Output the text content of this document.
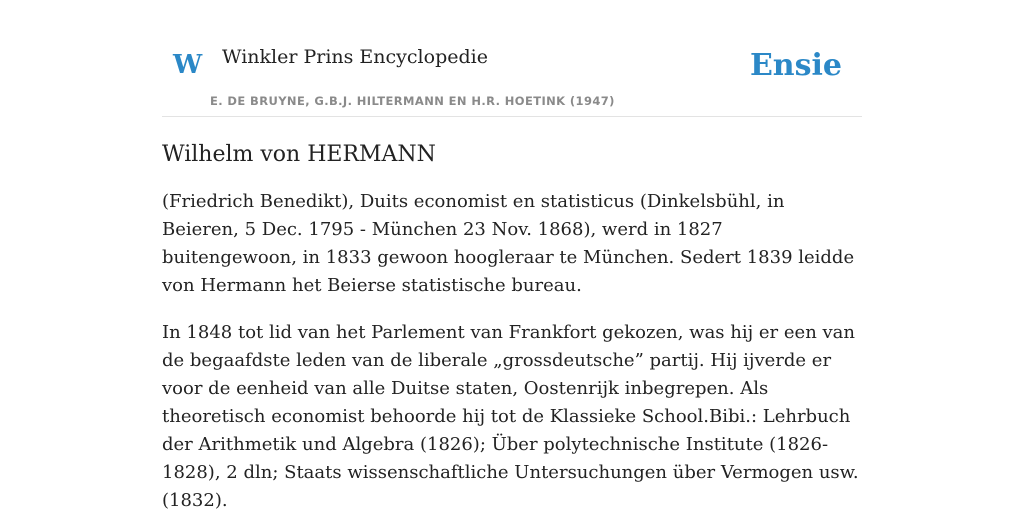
W Winkler Prins Encyclopedie
E. DE BRUYNE, G.B.J. HILTERMANN EN H.R. HOETINK (1947)
Ensie
Wilhelm von HERMANN

(Friedrich Benedikt), Duits economist en statisticus (Dinkelsbühl, in Beieren, 5 Dec. 1795 - München 23 Nov. 1868), werd in 1827 buitengewoon, in 1833 gewoon hoogleraar te München. Sedert 1839 leidde von Hermann het Beierse statistische bureau.

In 1848 tot lid van het Parlement van Frankfort gekozen, was hij er een van de begaafdste leden van de liberale „grossdeutsche” partij. Hij ijverde er voor de eenheid van alle Duitse staten, Oostenrijk inbegrepen. Als theoretisch economist behoorde hij tot de Klassieke School.Bibi.: Lehrbuch der Arithmetik und Algebra (1826); Über polytechnische Institute (1826-1828), 2 dln; Staats wissenschaftliche Untersuchungen über Vermogen usw. (1832).
